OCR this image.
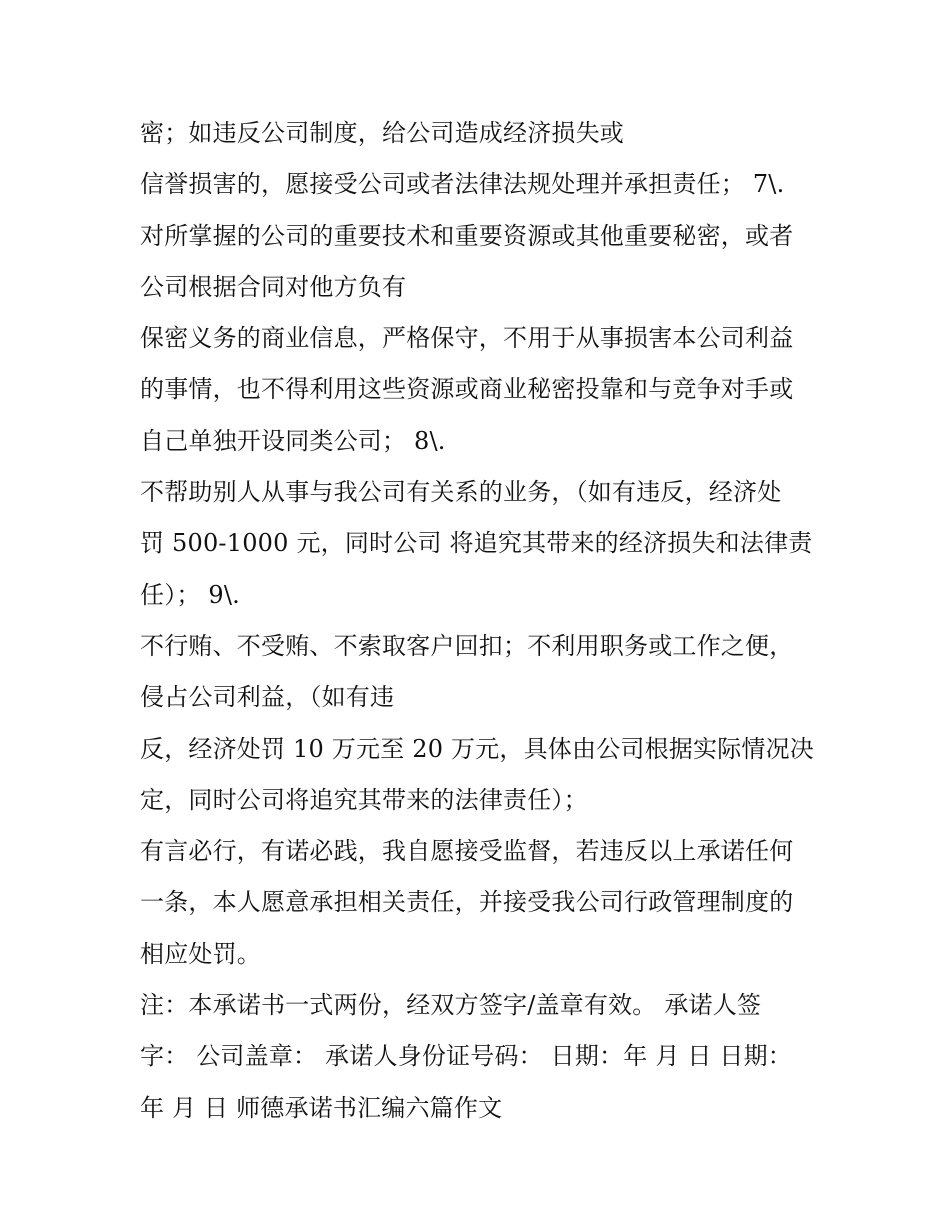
密；如违反公司制度，给公司造成经济损失或
信誉损害的，愿接受公司或者法律法规处理并承担责任； 7\.
对所掌握的公司的重要技术和重要资源或其他重要秘密，或者
公司根据合同对他方负有
保密义务的商业信息，严格保守，不用于从事损害本公司利益
的事情，也不得利用这些资源或商业秘密投靠和与竞争对手或
自己单独开设同类公司； 8\.
不帮助别人从事与我公司有关系的业务，（如有违反，经济处
罚 500-1000 元，同时公司 将追究其带来的经济损失和法律责
任）； 9\.
不行贿、不受贿、不索取客户回扣；不利用职务或工作之便，
侵占公司利益，（如有违
反，经济处罚 10 万元至 20 万元，具体由公司根据实际情况决
定，同时公司将追究其带来的法律责任）；
有言必行，有诺必践，我自愿接受监督，若违反以上承诺任何
一条，本人愿意承担相关责任，并接受我公司行政管理制度的
相应处罚。
注：本承诺书一式两份，经双方签字/盖章有效。 承诺人签
字： 公司盖章： 承诺人身份证号码： 日期：年 月 日 日期：
年 月 日 师德承诺书汇编六篇作文
